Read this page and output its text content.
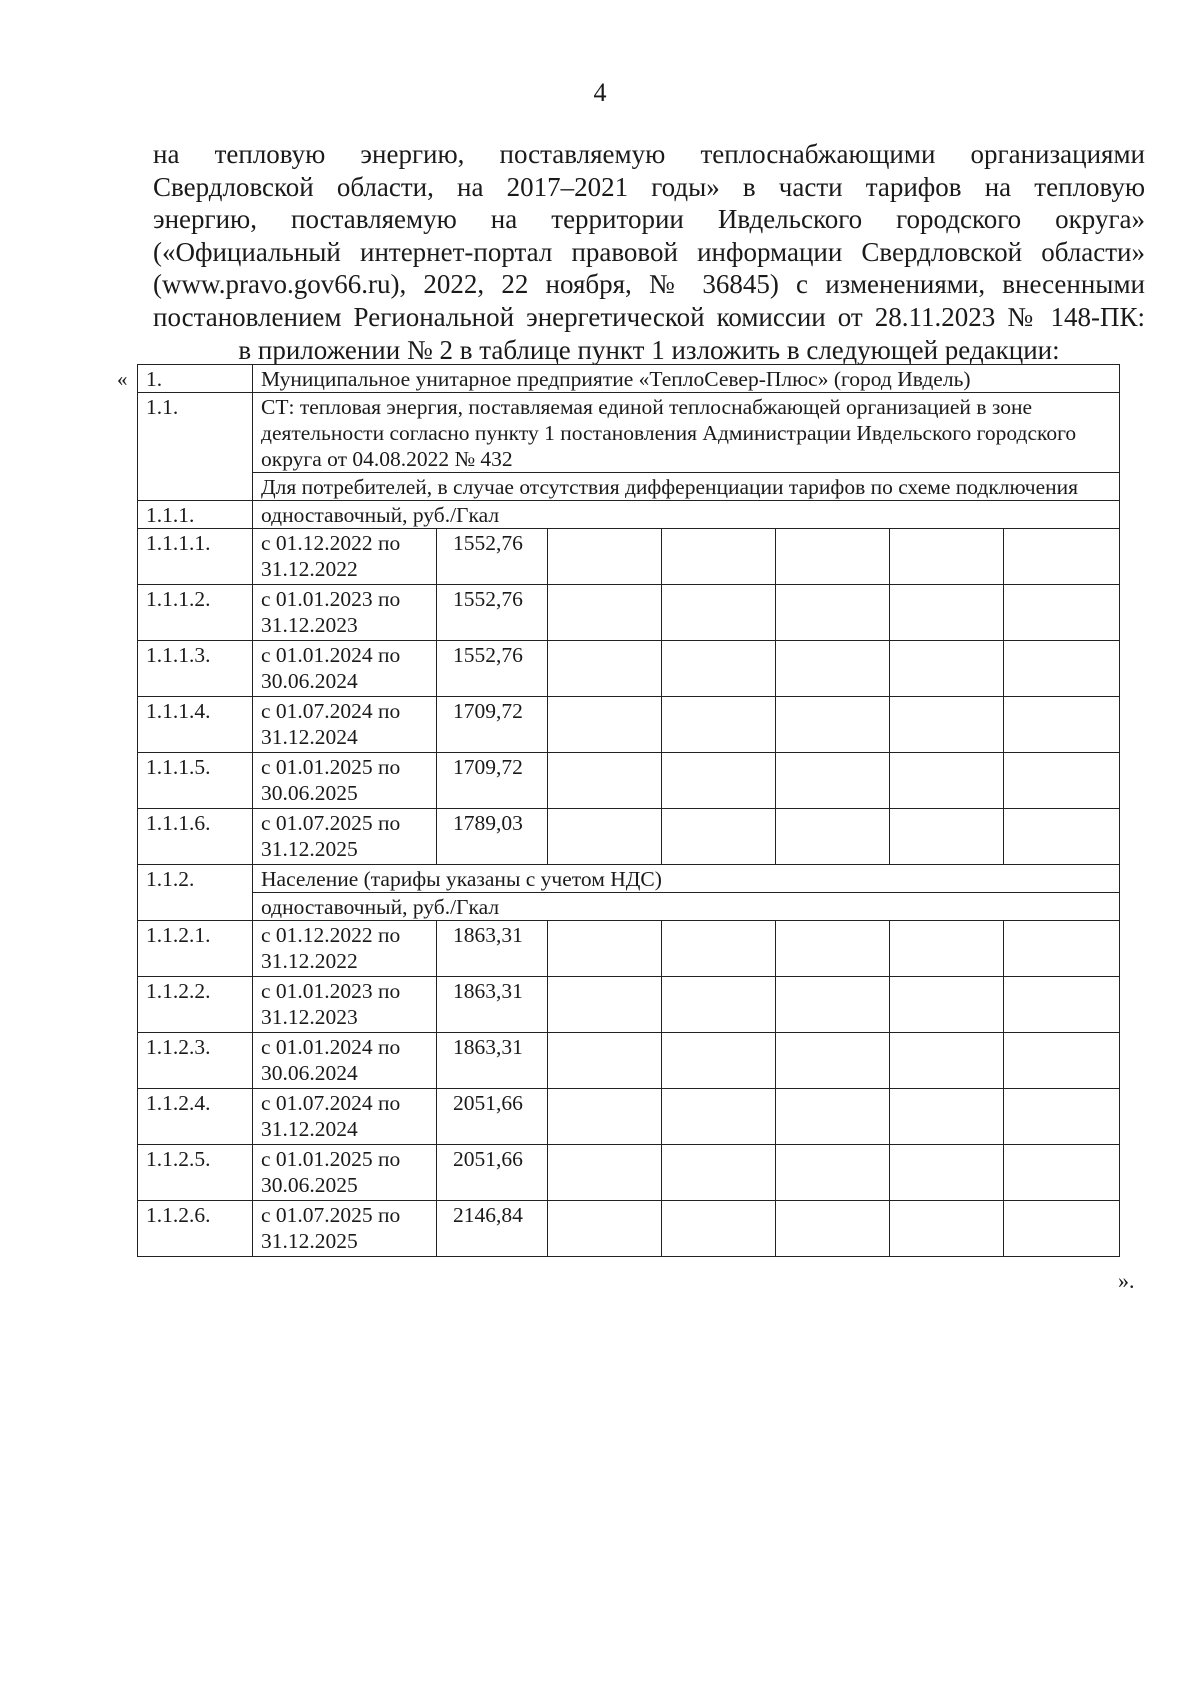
4

на тепловую энергию, поставляемую теплоснабжающими организациями

Свердловской области, на 2017–2021 годы» в части тарифов на тепловую

энергию, поставляемую на территории Ивдельского городского округа»

(«Официальный интернет-портал правовой информации Свердловской области»

(www.pravo.gov66.ru), 2022, 22 ноября, № 36845) с изменениями, внесенными

постановлением Региональной энергетической комиссии от 28.11.2023 № 148-ПК:

в приложении № 2 в таблице пункт 1 изложить в следующей редакции:

« 1.	Муниципальное унитарное предприятие «ТеплоСевер-Плюс» (город Ивдель)						
1.1.	СТ: тепловая энергия, поставляемая единой теплоснабжающей организацией в зоне деятельности согласно пункту 1 постановления Администрации Ивдельского городского округа от 04.08.2022 № 432						
	Для потребителей, в случае отсутствия дифференциации тарифов по схеме подключения						
1.1.1.	одноставочный, руб./Гкал						
1.1.1.1.	с 01.12.2022 по 31.12.2022	1552,76					
1.1.1.2.	с 01.01.2023 по 31.12.2023	1552,76					
1.1.1.3.	с 01.01.2024 по 30.06.2024	1552,76					
1.1.1.4.	с 01.07.2024 по 31.12.2024	1709,72					
1.1.1.5.	с 01.01.2025 по 30.06.2025	1709,72					
1.1.1.6.	с 01.07.2025 по 31.12.2025	1789,03					
1.1.2.	Население (тарифы указаны с учетом НДС)						
	одноставочный, руб./Гкал						
1.1.2.1.	с 01.12.2022 по 31.12.2022	1863,31					
1.1.2.2.	с 01.01.2023 по 31.12.2023	1863,31					
1.1.2.3.	с 01.01.2024 по 30.06.2024	1863,31					
1.1.2.4.	с 01.07.2024 по 31.12.2024	2051,66					
1.1.2.5.	с 01.01.2025 по 30.06.2025	2051,66					
1.1.2.6.	с 01.07.2025 по 31.12.2025	2146,84					
».
